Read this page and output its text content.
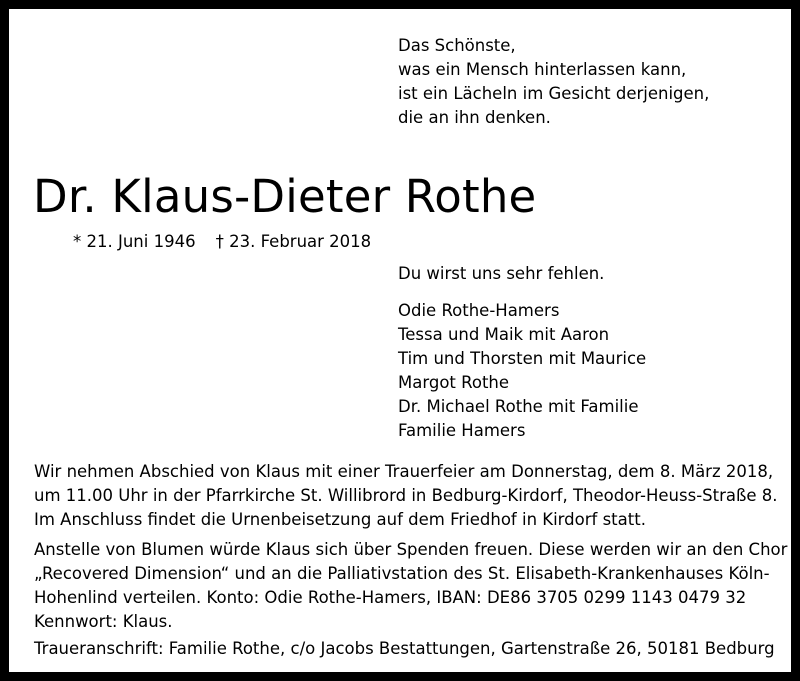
Das Schönste,
was ein Mensch hinterlassen kann,
ist ein Lächeln im Gesicht derjenigen,
die an ihn denken.
Dr. Klaus-Dieter Rothe
* 21. Juni 1946 † 23. Februar 2018
Du wirst uns sehr fehlen.
Odie Rothe-Hamers
Tessa und Maik mit Aaron
Tim und Thorsten mit Maurice
Margot Rothe
Dr. Michael Rothe mit Familie
Familie Hamers
Wir nehmen Abschied von Klaus mit einer Trauerfeier am Donnerstag, dem 8. März 2018,
um 11.00 Uhr in der Pfarrkirche St. Willibrord in Bedburg-Kirdorf, Theodor-Heuss-Straße 8.
Im Anschluss findet die Urnenbeisetzung auf dem Friedhof in Kirdorf statt.
Anstelle von Blumen würde Klaus sich über Spenden freuen. Diese werden wir an den Chor
„Recovered Dimension“ und an die Palliativstation des St. Elisabeth-Krankenhauses Köln-
Hohenlind verteilen. Konto: Odie Rothe-Hamers, IBAN: DE86 3705 0299 1143 0479 32
Kennwort: Klaus.
Traueranschrift: Familie Rothe, c/o Jacobs Bestattungen, Gartenstraße 26, 50181 Bedburg
